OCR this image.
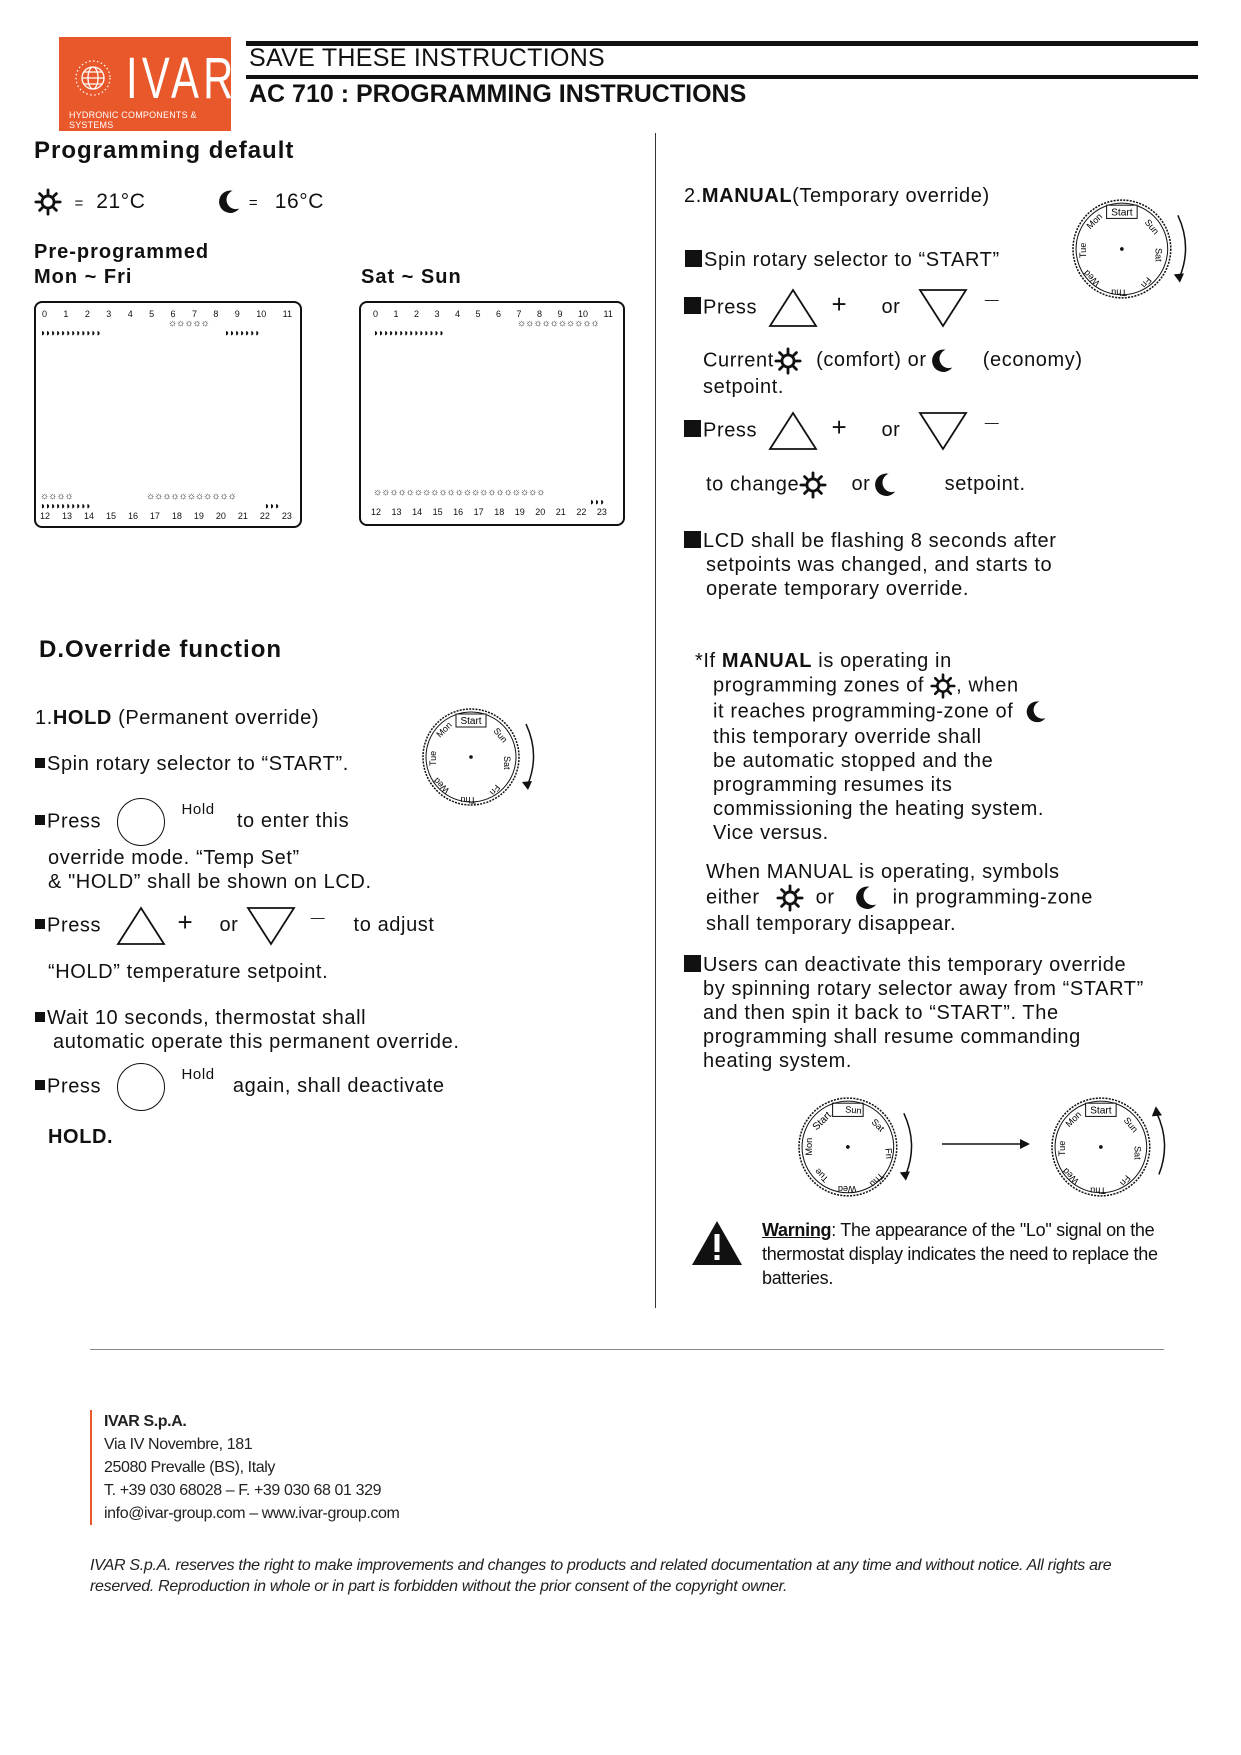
IVAR
HYDRONIC COMPONENTS & SYSTEMS
SAVE THESE INSTRUCTIONS
AC 710 : PROGRAMMING INSTRUCTIONS
Programming default
= 21°C	= 16°C
Pre-programmed
Mon ~ Fri	Sat ~ Sun
0 1 2 3 4 5 6 7 8 9 10 11
☼☼☼☼☼
◗◗◗◗◗◗◗◗◗◗◗◗	◗◗◗◗◗◗◗
☼☼☼☼	☼☼☼☼☼☼☼☼☼☼☼
◗◗◗◗◗◗◗◗◗◗	◗◗◗
12 13 14 15 16 17 18 19 20 21 22 23
0 1 2 3 4 5 6 7 8 9 10 11
☼☼☼☼☼☼☼☼☼☼
◗◗◗◗◗◗◗◗◗◗◗◗◗◗
☼☼☼☼☼☼☼☼☼☼☼☼☼☼☼☼☼☼☼☼☼
◗◗◗
12 13 14 15 16 17 18 19 20 21 22 23
D.Override function
1.HOLD (Permanent override)	Start
Sun
Sat
Fri
Thu
Wed
Tue
Mon
Spin rotary selector to “START”.
Press  $^{Hold}$ to enter this
override mode. “Temp Set”
& "HOLD” shall be shown on LCD.
Press	+ or	— to adjust
“HOLD” temperature setpoint.
Wait 10 seconds, thermostat shall
automatic operate this permanent override.
Press  $^{Hold}$ again, shall deactivate
HOLD.
2.MANUAL(Temporary override)
Start
Sun
Sat
Fri
Thu
Wed
Tue
Mon
Spin rotary selector to “START”
Press	+ or	—
Current (comfort) or	(economy)
setpoint.
Press	+ or	—
to change	or	setpoint.
LCD shall be flashing 8 seconds after
setpoints was changed, and starts to
operate temporary override.
*If MANUAL is operating in
programming zones of , when
it reaches programming-zone of
this temporary override shall
be automatic stopped and the
programming resumes its
commissioning the heating system.
Vice versus.
When MANUAL is operating, symbols
either	or	in programming-zone
shall temporary disappear.
Users can deactivate this temporary override
by spinning rotary selector away from “START”
and then spin it back to “START”. The
programming shall resume commanding
heating system.
Start Sun
Sat
Fri
Thu
Wed
Tue
Mon
Start
Sun
Sat
Fri
Thu
Wed
Tue
Mon
Warning: The appearance of the "Lo" signal on the thermostat display indicates the need to replace the batteries.
IVAR S.p.A.
Via IV Novembre, 181
25080 Prevalle (BS), Italy
T. +39 030 68028 – F. +39 030 68 01 329
info@ivar-group.com – www.ivar-group.com
IVAR S.p.A. reserves the right to make improvements and changes to products and related documentation at any time and without notice. All rights are reserved. Reproduction in whole or in part is forbidden without the prior consent of the copyright owner.
